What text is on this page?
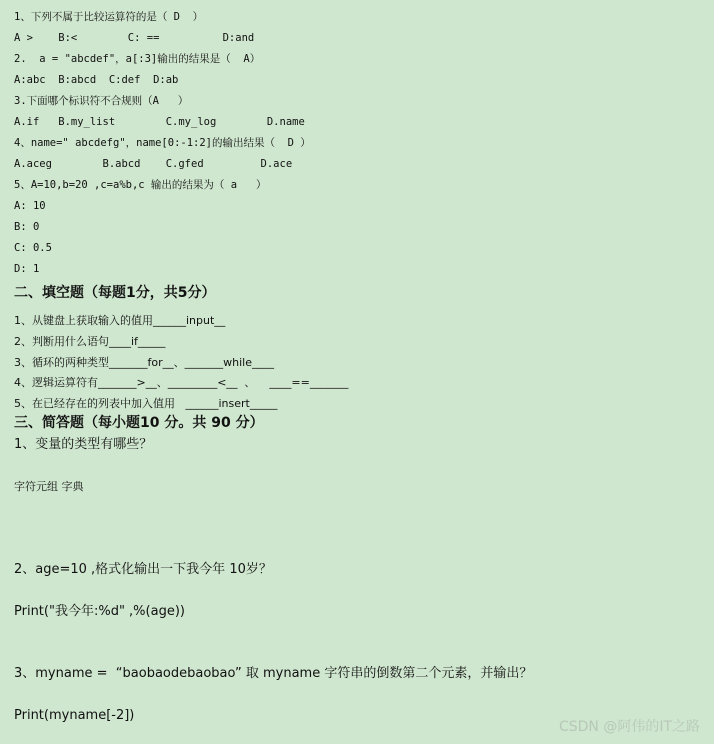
1、下列不属于比较运算符的是（ D  ）
A >    B:<        C: ==          D:and
2.  a = "abcdef"，a[:3]输出的结果是（  A）
A:abc  B:abcd  C:def  D:ab
3.下面哪个标识符不合规则（A   ）
A.if   B.my_list        C.my_log        D.name
4、name=" abcdefg"，name[0:-1:2]的输出结果（  D ）
A.aceg        B.abcd    C.gfed         D.ace
5、A=10,b=20 ,c=a%b,c 输出的结果为（ a   ）
A: 10
B: 0
C: 0.5
D: 1
二、填空题（每题1分，共5分）
1、从键盘上获取输入的值用______input__
2、判断用什么语句____if_____
3、循环的两种类型_______for__、_______while____
4、逻辑运算符有_______>__、_________<__  、    ____==_______
5、在已经存在的列表中加入值用   ______insert_____
三、简答题（每小题10 分。共 90 分）
1、变量的类型有哪些？
字符元组 字典
2、age=10 ,格式化输出一下我今年 10岁？
Print("我今年:%d" ,%(age))
3、myname =  “baobaodebaobao” 取 myname 字符串的倒数第二个元素，并输出？
Print(myname[-2])
CSDN @阿伟的IT之路
